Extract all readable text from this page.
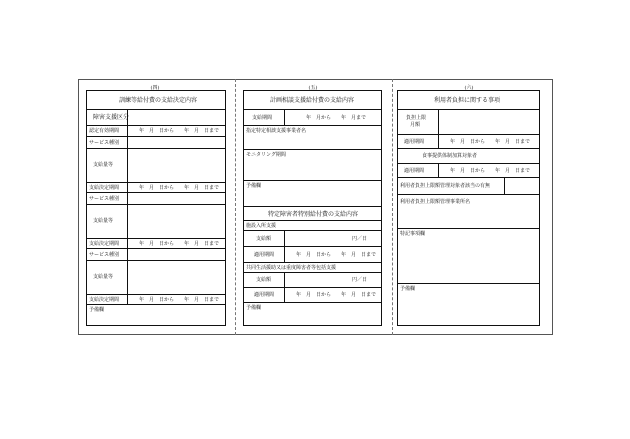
(四)	(五)	(六)
訓練等給付費の支給決定内容
障害支援区分
認定有効期間	年　月　日から　　年　月　日まで
サービス種別
支給量等
支給決定期間	年　月　日から　　年　月　日まで
サービス種別
支給量等
支給決定期間	年　月　日から　　年　月　日まで
サービス種別
支給量等
支給決定期間	年　月　日から　　年　月　日まで
予備欄
計画相談支援給付費の支給内容
支給期間	年　月から　　年　月まで
指定特定相談支援事業者名
モニタリング期間
予備欄
特定障害者特別給付費の支給内容
施設入所支援
支給額	円／日
適用期間	年　月　日から　　年　月　日まで
共同生活援助又は重度障害者等包括支援
支給額	円／日
適用期間	年　月　日から　　年　月　日まで
予備欄
利用者負担に関する事項
負担上限
月額
適用期間	年　月　日から　　年　月　日まで
食事提供体制加算対象者
適用期間	年　月　日から　　年　月　日まで
利用者負担上限額管理対象者該当の有無
利用者負担上限額管理事業所名
特記事項欄
予備欄
